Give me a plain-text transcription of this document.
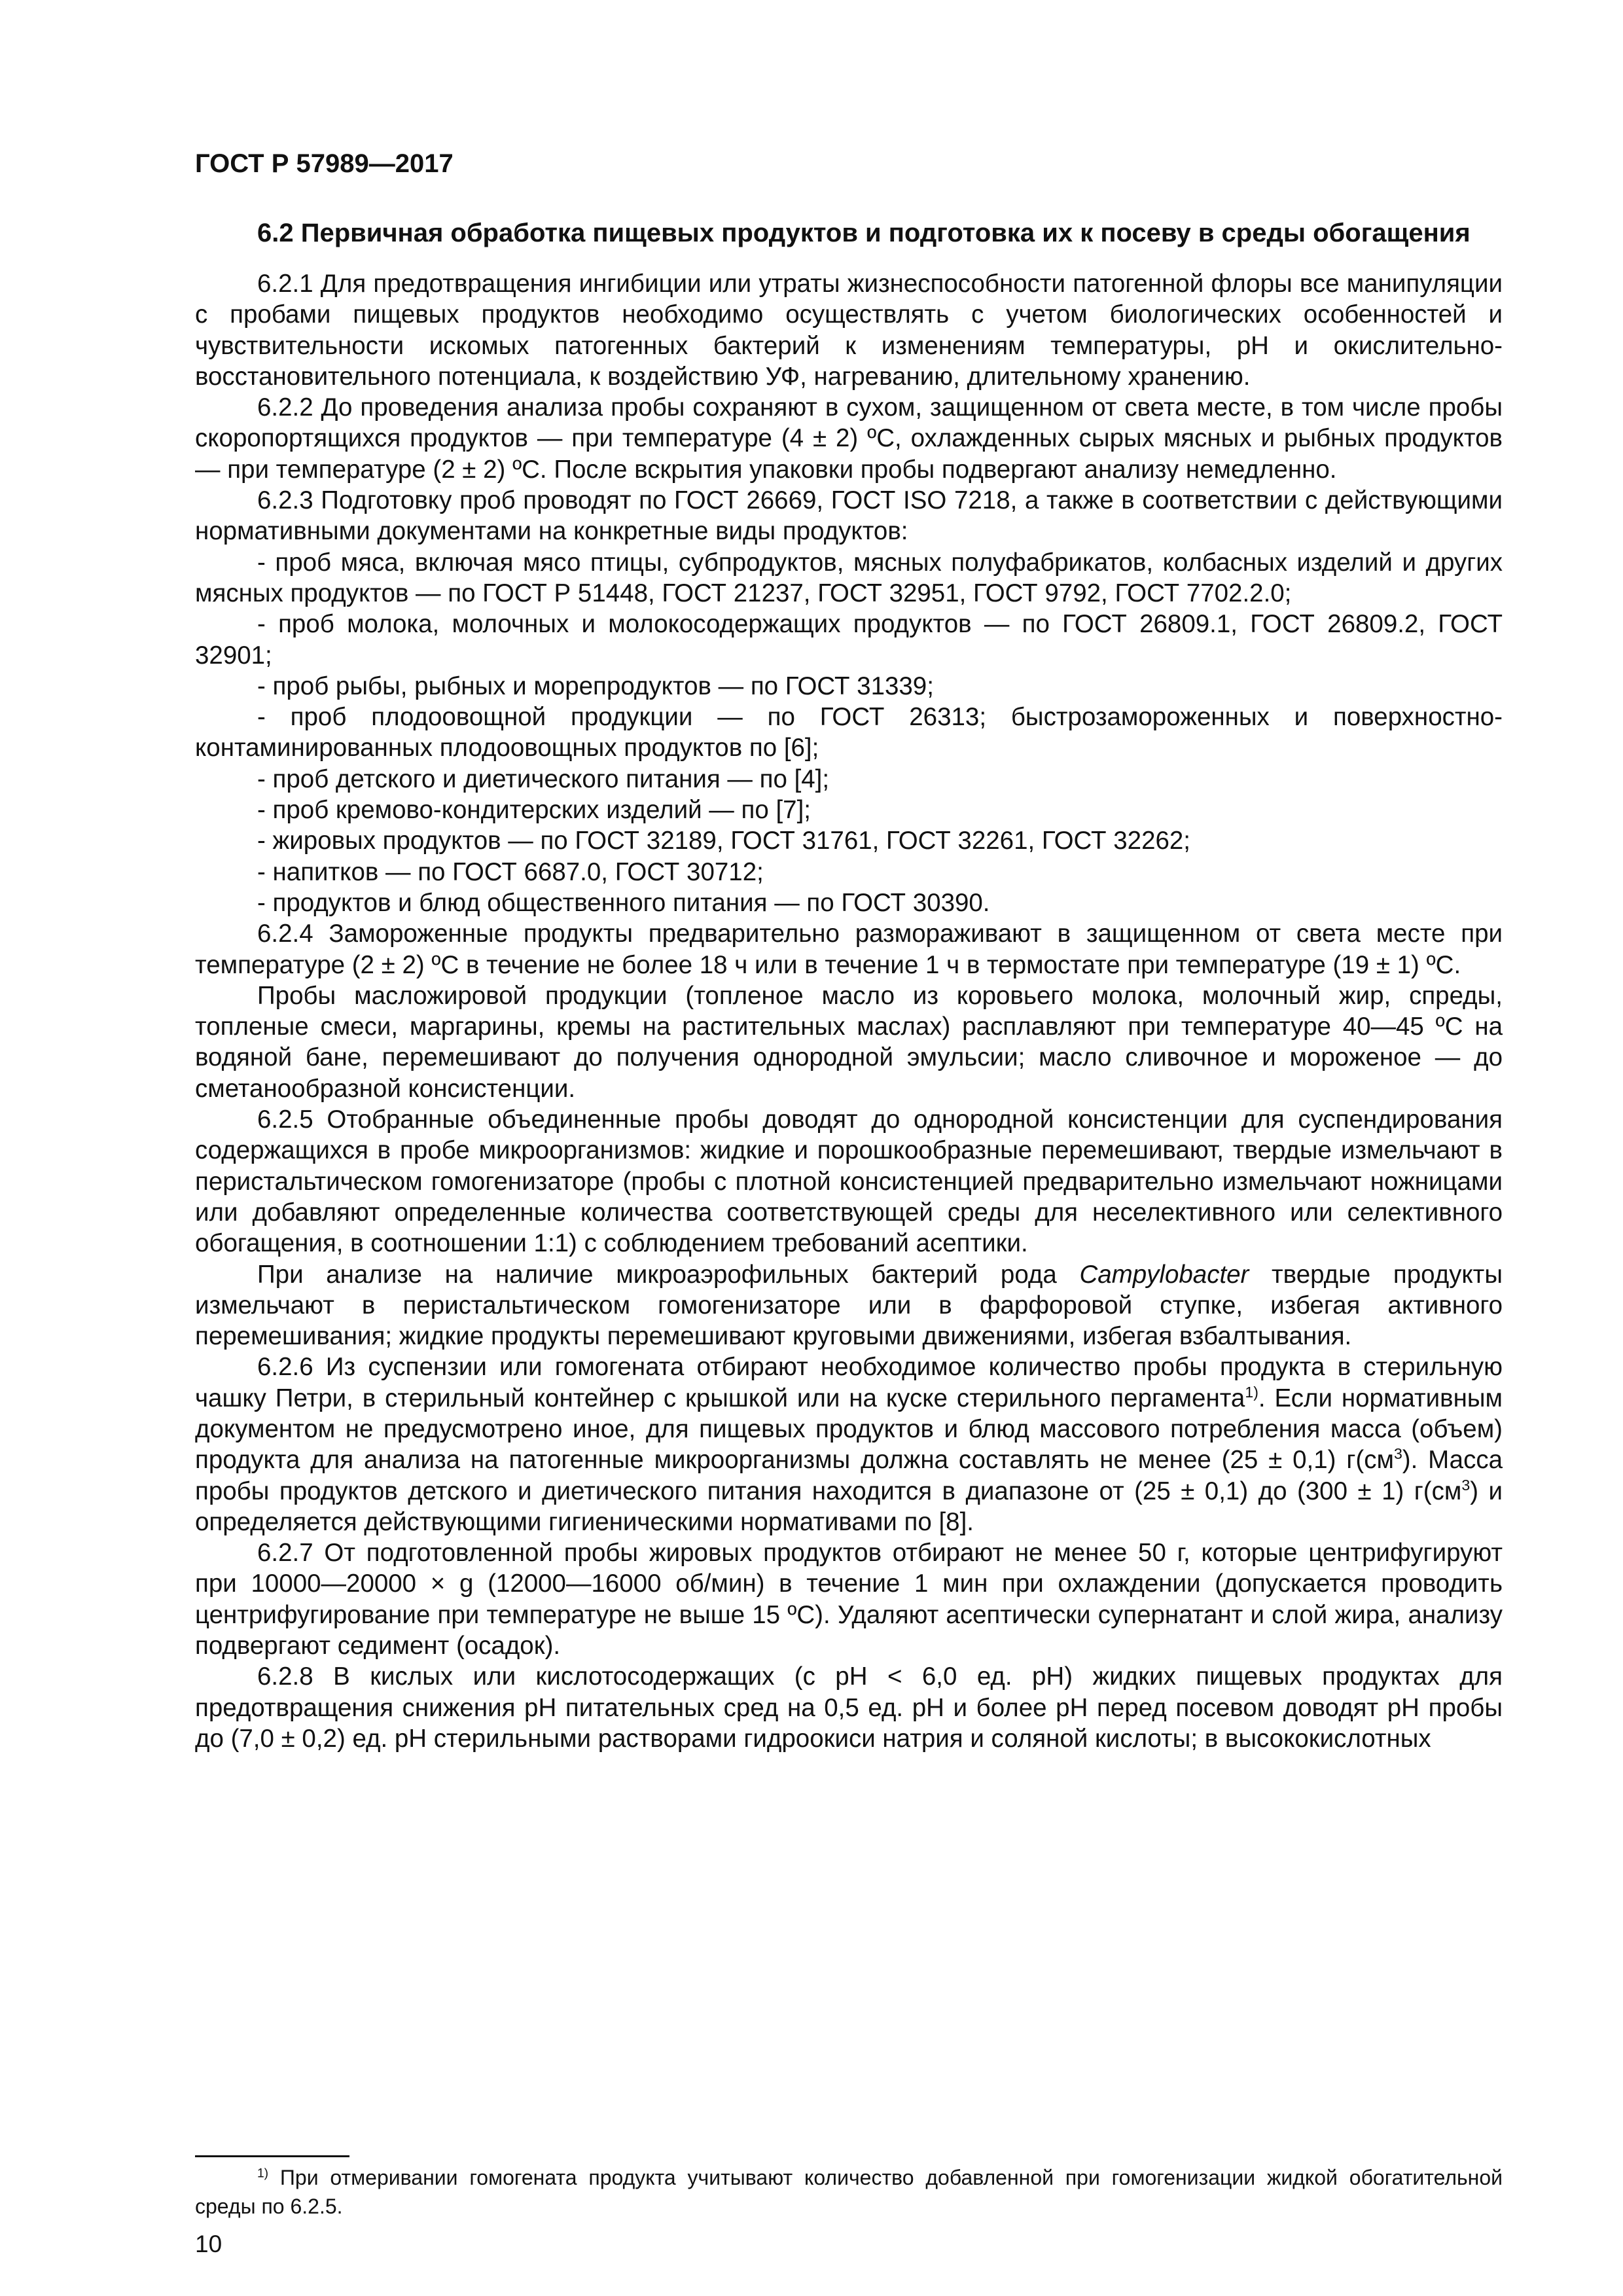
ГОСТ Р 57989—2017
6.2 Первичная обработка пищевых продуктов и подготовка их к посеву в среды обогащения

6.2.1 Для предотвращения ингибиции или утраты жизнеспособности патогенной флоры все манипуляции с пробами пищевых продуктов необходимо осуществлять с учетом биологических особенностей и чувствительности искомых патогенных бактерий к изменениям температуры, pH и окислительно-восстановительного потенциала, к воздействию УФ, нагреванию, длительному хранению.

6.2.2 До проведения анализа пробы сохраняют в сухом, защищенном от света месте, в том числе пробы скоропортящихся продуктов — при температуре (4 ± 2) ºС, охлажденных сырых мясных и рыбных продуктов — при температуре (2 ± 2) ºС. После вскрытия упаковки пробы подвергают анализу немедленно.

6.2.3 Подготовку проб проводят по ГОСТ 26669, ГОСТ ISO 7218, а также в соответствии с действующими нормативными документами на конкретные виды продуктов:

- проб мяса, включая мясо птицы, субпродуктов, мясных полуфабрикатов, колбасных изделий и других мясных продуктов — по ГОСТ Р 51448, ГОСТ 21237, ГОСТ 32951, ГОСТ 9792, ГОСТ 7702.2.0;

- проб молока, молочных и молокосодержащих продуктов — по ГОСТ 26809.1, ГОСТ 26809.2, ГОСТ 32901;

- проб рыбы, рыбных и морепродуктов — по ГОСТ 31339;

- проб плодоовощной продукции — по ГОСТ 26313; быстрозамороженных и поверхностно-контаминированных плодоовощных продуктов по [6];

- проб детского и диетического питания — по [4];

- проб кремово-кондитерских изделий — по [7];

- жировых продуктов — по ГОСТ 32189, ГОСТ 31761, ГОСТ 32261, ГОСТ 32262;

- напитков — по ГОСТ 6687.0, ГОСТ 30712;

- продуктов и блюд общественного питания — по ГОСТ 30390.

6.2.4 Замороженные продукты предварительно размораживают в защищенном от света месте при температуре (2 ± 2) ºС в течение не более 18 ч или в течение 1 ч в термостате при температуре (19 ± 1) ºС.

Пробы масложировой продукции (топленое масло из коровьего молока, молочный жир, спреды, топленые смеси, маргарины, кремы на растительных маслах) расплавляют при температуре 40—45 ºС на водяной бане, перемешивают до получения однородной эмульсии; масло сливочное и мороженое — до сметанообразной консистенции.

6.2.5 Отобранные объединенные пробы доводят до однородной консистенции для суспендирования содержащихся в пробе микроорганизмов: жидкие и порошкообразные перемешивают, твердые измельчают в перистальтическом гомогенизаторе (пробы с плотной консистенцией предварительно измельчают ножницами или добавляют определенные количества соответствующей среды для неселективного или селективного обогащения, в соотношении 1:1) с соблюдением требований асептики.

При анализе на наличие микроаэрофильных бактерий рода Campylobacter твердые продукты измельчают в перистальтическом гомогенизаторе или в фарфоровой ступке, избегая активного перемешивания; жидкие продукты перемешивают круговыми движениями, избегая взбалтывания.

6.2.6 Из суспензии или гомогената отбирают необходимое количество пробы продукта в стерильную чашку Петри, в стерильный контейнер с крышкой или на куске стерильного пергамента$^{1)}$. Если нормативным документом не предусмотрено иное, для пищевых продуктов и блюд массового потребления масса (объем) продукта для анализа на патогенные микроорганизмы должна составлять не менее (25 ± 0,1) $г(см^3)$. Масса пробы продуктов детского и диетического питания находится в диапазоне от (25 ± 0,1) до (300 ± 1) $г(см^3)$ и определяется действующими гигиеническими нормативами по [8].

6.2.7 От подготовленной пробы жировых продуктов отбирают не менее 50 г, которые центрифугируют при 10000—20000 × g (12000—16000 об/мин) в течение 1 мин при охлаждении (допускается проводить центрифугирование при температуре не выше 15 ºС). Удаляют асептически супернатант и слой жира, анализу подвергают седимент (осадок).

6.2.8 В кислых или кислотосодержащих (с pH < 6,0 ед. pH) жидких пищевых продуктах для предотвращения снижения pH питательных сред на 0,5 ед. pH и более pH перед посевом доводят pH пробы до (7,0 ± 0,2) ед. pH стерильными растворами гидроокиси натрия и соляной кислоты; в высококислотных

$^{1)}$ При отмеривании гомогената продукта учитывают количество добавленной при гомогенизации жидкой обогатительной среды по 6.2.5.

10
